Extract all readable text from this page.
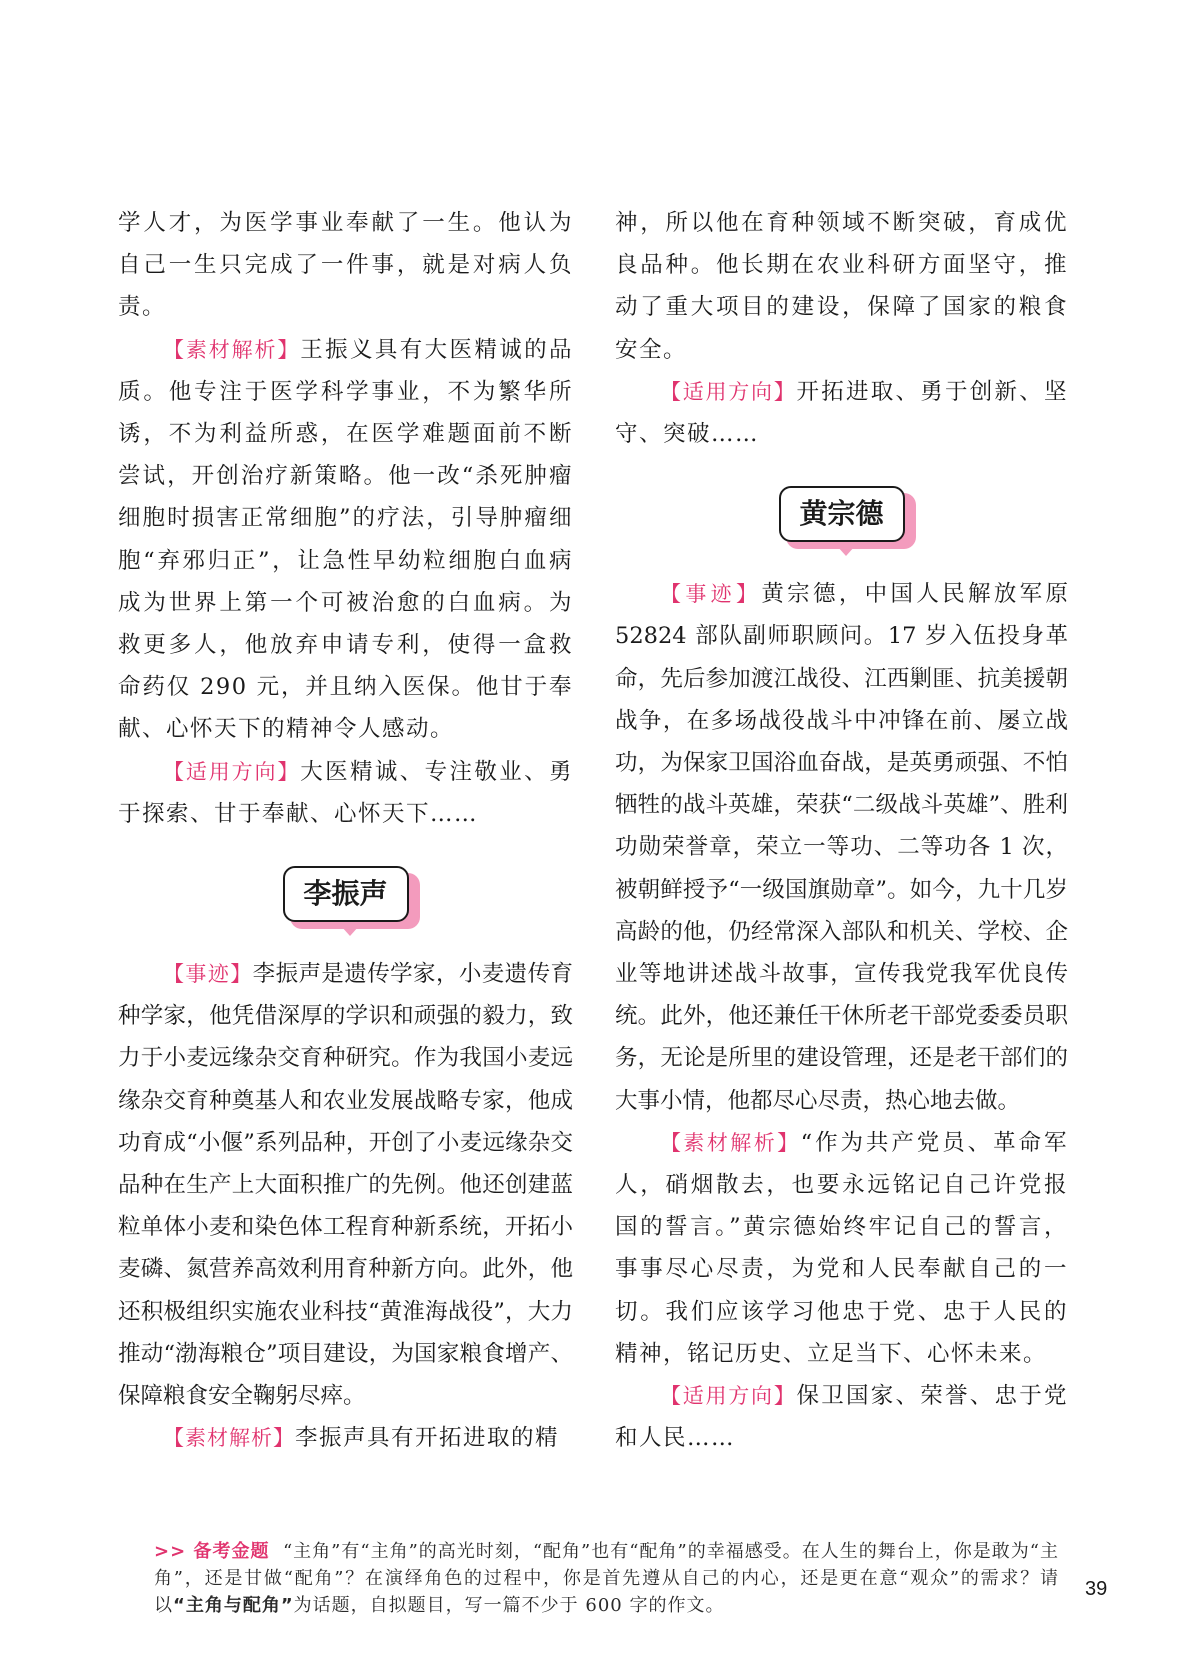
学人才，为医学事业奉献了一生。他认为自己一生只完成了一件事，就是对病人负责。

【素材解析】王振义具有大医精诚的品质。他专注于医学科学事业，不为繁华所诱，不为利益所惑，在医学难题面前不断尝试，开创治疗新策略。他一改“杀死肿瘤细胞时损害正常细胞”的疗法，引导肿瘤细胞“弃邪归正”，让急性早幼粒细胞白血病成为世界上第一个可被治愈的白血病。为救更多人，他放弃申请专利，使得一盒救命药仅 290 元，并且纳入医保。他甘于奉献、心怀天下的精神令人感动。

【适用方向】大医精诚、专注敬业、勇于探索、甘于奉献、心怀天下……

李振声

【事迹】李振声是遗传学家，小麦遗传育种学家，他凭借深厚的学识和顽强的毅力，致力于小麦远缘杂交育种研究。作为我国小麦远缘杂交育种奠基人和农业发展战略专家，他成功育成“小偃”系列品种，开创了小麦远缘杂交品种在生产上大面积推广的先例。他还创建蓝粒单体小麦和染色体工程育种新系统，开拓小麦磷、氮营养高效利用育种新方向。此外，他还积极组织实施农业科技“黄淮海战役”，大力推动“渤海粮仓”项目建设，为国家粮食增产、保障粮食安全鞠躬尽瘁。

【素材解析】李振声具有开拓进取的精

神，所以他在育种领域不断突破，育成优良品种。他长期在农业科研方面坚守，推动了重大项目的建设，保障了国家的粮食安全。

【适用方向】开拓进取、勇于创新、坚守、突破……

黄宗德

【事迹】黄宗德，中国人民解放军原 52824 部队副师职顾问。17 岁入伍投身革命，先后参加渡江战役、江西剿匪、抗美援朝战争，在多场战役战斗中冲锋在前、屡立战功，为保家卫国浴血奋战，是英勇顽强、不怕牺牲的战斗英雄，荣获“二级战斗英雄”、胜利功勋荣誉章，荣立一等功、二等功各 1 次，被朝鲜授予“一级国旗勋章”。如今，九十几岁高龄的他，仍经常深入部队和机关、学校、企业等地讲述战斗故事，宣传我党我军优良传统。此外，他还兼任干休所老干部党委委员职务，无论是所里的建设管理，还是老干部们的大事小情，他都尽心尽责，热心地去做。

【素材解析】“作为共产党员、革命军人，硝烟散去，也要永远铭记自己许党报国的誓言。”黄宗德始终牢记自己的誓言，事事尽心尽责，为党和人民奉献自己的一切。我们应该学习他忠于党、忠于人民的精神，铭记历史、立足当下、心怀未来。

【适用方向】保卫国家、荣誉、忠于党和人民……

>> 备考金题 “主角”有“主角”的高光时刻，“配角”也有“配角”的幸福感受。在人生的舞台上，你是敢为“主角”，还是甘做“配角”？在演绎角色的过程中，你是首先遵从自己的内心，还是更在意“观众”的需求？请以“主角与配角”为话题，自拟题目，写一篇不少于 600 字的作文。
39
